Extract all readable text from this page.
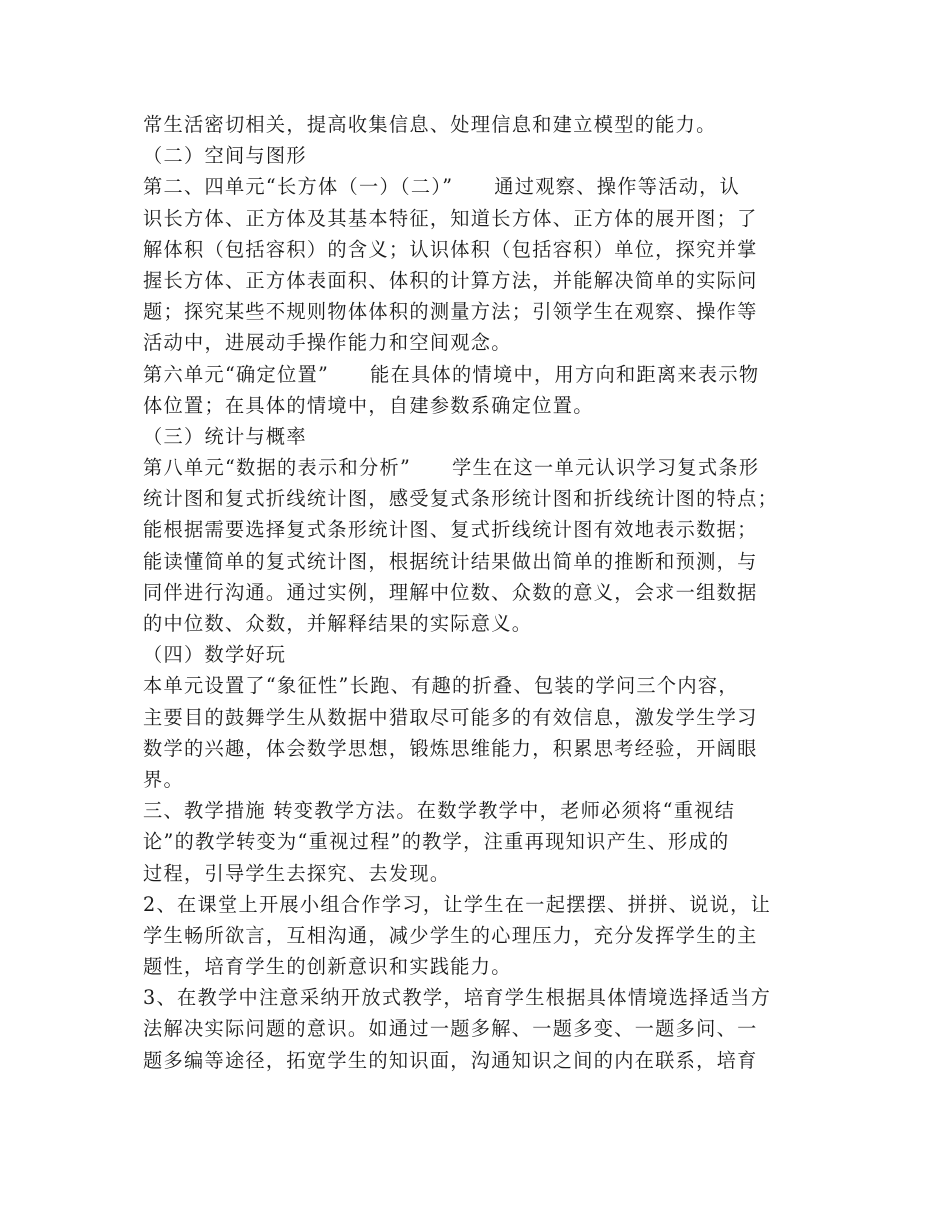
常生活密切相关，提高收集信息、处理信息和建立模型的能力。
（二）空间与图形
第二、四单元“长方体（一）（二）”　　通过观察、操作等活动，认
识长方体、正方体及其基本特征，知道长方体、正方体的展开图；了
解体积（包括容积）的含义；认识体积（包括容积）单位，探究并掌
握长方体、正方体表面积、体积的计算方法，并能解决简单的实际问
题；探究某些不规则物体体积的测量方法；引领学生在观察、操作等
活动中，进展动手操作能力和空间观念。
第六单元“确定位置”　　能在具体的情境中，用方向和距离来表示物
体位置；在具体的情境中，自建参数系确定位置。
（三）统计与概率
第八单元“数据的表示和分析”　　学生在这一单元认识学习复式条形
统计图和复式折线统计图，感受复式条形统计图和折线统计图的特点；
能根据需要选择复式条形统计图、复式折线统计图有效地表示数据；
能读懂简单的复式统计图，根据统计结果做出简单的推断和预测，与
同伴进行沟通。通过实例，理解中位数、众数的意义，会求一组数据
的中位数、众数，并解释结果的实际意义。
（四）数学好玩
本单元设置了“象征性”长跑、有趣的折叠、包装的学问三个内容，
主要目的鼓舞学生从数据中猎取尽可能多的有效信息，激发学生学习
数学的兴趣，体会数学思想，锻炼思维能力，积累思考经验，开阔眼
界。
三、教学措施 转变教学方法。在数学教学中，老师必须将“重视结
论”的教学转变为“重视过程”的教学，注重再现知识产生、形成的
过程，引导学生去探究、去发现。
2、在课堂上开展小组合作学习，让学生在一起摆摆、拼拼、说说，让
学生畅所欲言，互相沟通，减少学生的心理压力，充分发挥学生的主
题性，培育学生的创新意识和实践能力。
3、在教学中注意采纳开放式教学，培育学生根据具体情境选择适当方
法解决实际问题的意识。如通过一题多解、一题多变、一题多问、一
题多编等途径，拓宽学生的知识面，沟通知识之间的内在联系，培育
